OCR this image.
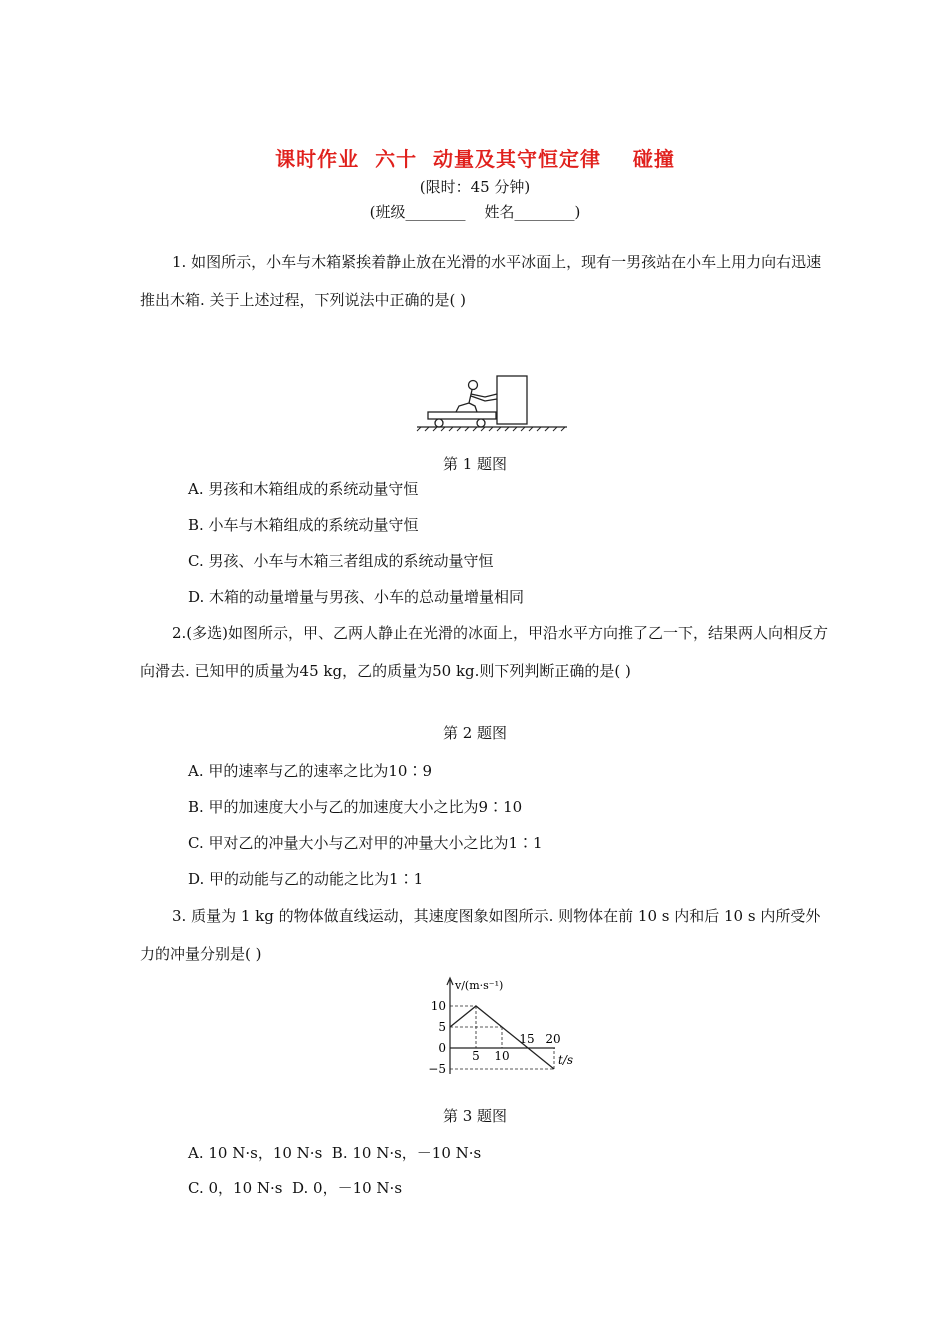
课时作业  六十  动量及其守恒定律    碰撞
(限时：45 分钟)
(班级________    姓名________)
1. 如图所示，小车与木箱紧挨着静止放在光滑的水平冰面上，现有一男孩站在小车上用力向右迅速推出木箱. 关于上述过程，下列说法中正确的是( )
第 1 题图
A. 男孩和木箱组成的系统动量守恒
B. 小车与木箱组成的系统动量守恒
C. 男孩、小车与木箱三者组成的系统动量守恒
D. 木箱的动量增量与男孩、小车的总动量增量相同
2.(多选)如图所示，甲、乙两人静止在光滑的冰面上，甲沿水平方向推了乙一下，结果两人向相反方向滑去. 已知甲的质量为45 kg，乙的质量为50 kg.则下列判断正确的是( )
第 2 题图
A. 甲的速率与乙的速率之比为10∶9
B. 甲的加速度大小与乙的加速度大小之比为9∶10
C. 甲对乙的冲量大小与乙对甲的冲量大小之比为1∶1
D. 甲的动能与乙的动能之比为1∶1
3. 质量为 1 kg 的物体做直线运动，其速度图象如图所示. 则物体在前 10 s 内和后 10 s 内所受外力的冲量分别是( )
v/(m·s⁻¹)
10
5
0
−5
5 10
15 20
t/s
第 3 题图
A. 10 N·s，10 N·s  B. 10 N·s，－10 N·s
C. 0，10 N·s  D. 0，－10 N·s
